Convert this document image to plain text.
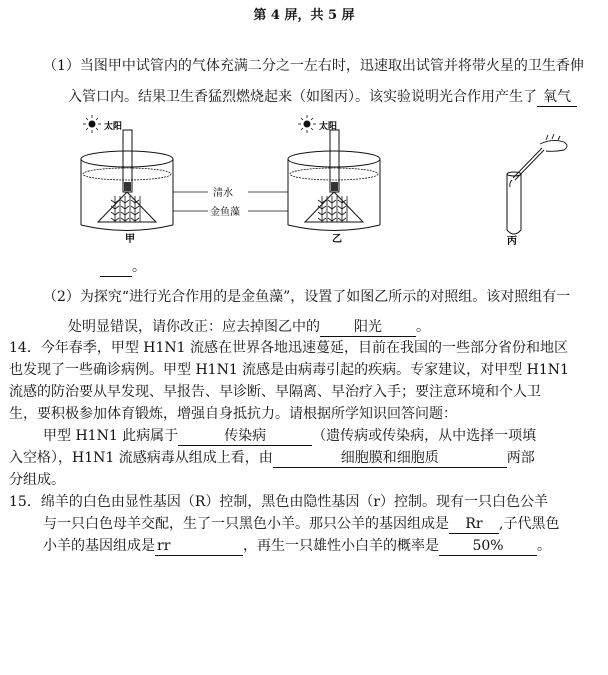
第 4 屏，共 5 屏
（1）当图甲中试管内的气体充满二分之一左右时，迅速取出试管并将带火星的卫生香伸
入管口内。结果卫生香猛烈燃烧起来（如图丙）。该实验说明光合作用产生了 氧气
太阳
甲
清水
金鱼藻
太阳
乙	丙
。
（2）为探究“进行光合作用的是金鱼藻”，设置了如图乙所示的对照组。该对照组有一
处明显错误，请你改正：应去掉图乙中的 阳光 。
14．今年春季，甲型 H1N1 流感在世界各地迅速蔓延，目前在我国的一些部分省份和地区
也发现了一些确诊病例。甲型 H1N1 流感是由病毒引起的疾病。专家建议，对甲型 H1N1
流感的防治要从早发现、早报告、早诊断、早隔离、早治疗入手；要注意环境和个人卫
生，要积极参加体育锻炼，增强自身抵抗力。请根据所学知识回答问题：
甲型 H1N1 此病属于	传染病	（遗传病或传染病，从中选择一项填
入空格），H1N1 流感病毒从组成上看，由	细胞膜和细胞质	两部
分组成。
15．绵羊的白色由显性基因（R）控制，黑色由隐性基因（r）控制。现有一只白色公羊
与一只白色母羊交配，生了一只黑色小羊。那只公羊的基因组成是 Rr ,子代黑色
小羊的基因组成是 rr	，再生一只雄性小白羊的概率是 50% 。
